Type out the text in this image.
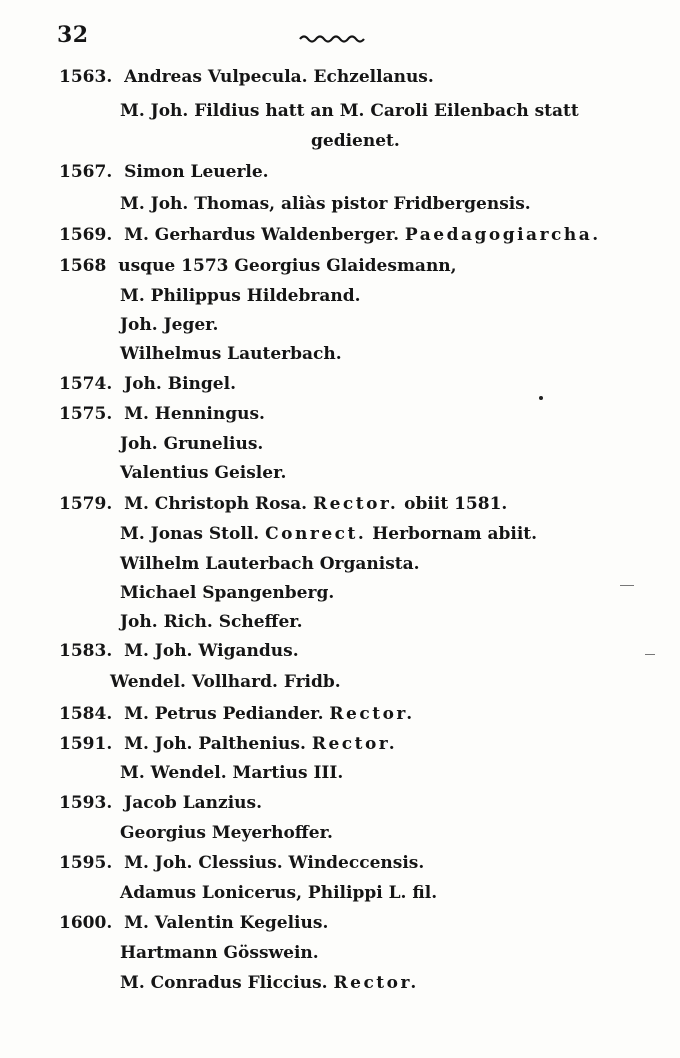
32
1563. Andreas Vulpecula. Echzellanus.
M. Joh. Fildius hatt an M. Caroli Eilenbach statt
gedienet.
1567. Simon Leuerle.
M. Joh. Thomas, aliàs pistor Fridbergensis.
1569. M. Gerhardus Waldenberger. Paedagogiarcha.
1568 usque 1573 Georgius Glaidesmann,
M. Philippus Hildebrand.
Joh. Jeger.
Wilhelmus Lauterbach.
1574. Joh. Bingel.
1575. M. Henningus.
Joh. Grunelius.
Valentius Geisler.
1579. M. Christoph Rosa. Rector. obiit 1581.
M. Jonas Stoll. Conrect. Herbornam abiit.
Wilhelm Lauterbach Organista.
Michael Spangenberg.
Joh. Rich. Scheffer.
1583. M. Joh. Wigandus.
Wendel. Vollhard. Fridb.
1584. M. Petrus Pediander. Rector.
1591. M. Joh. Palthenius. Rector.
M. Wendel. Martius III.
1593. Jacob Lanzius.
Georgius Meyerhoffer.
1595. M. Joh. Clessius. Windeccensis.
Adamus Lonicerus, Philippi L. fil.
1600. M. Valentin Kegelius.
Hartmann Gösswein.
M. Conradus Fliccius. Rector.
